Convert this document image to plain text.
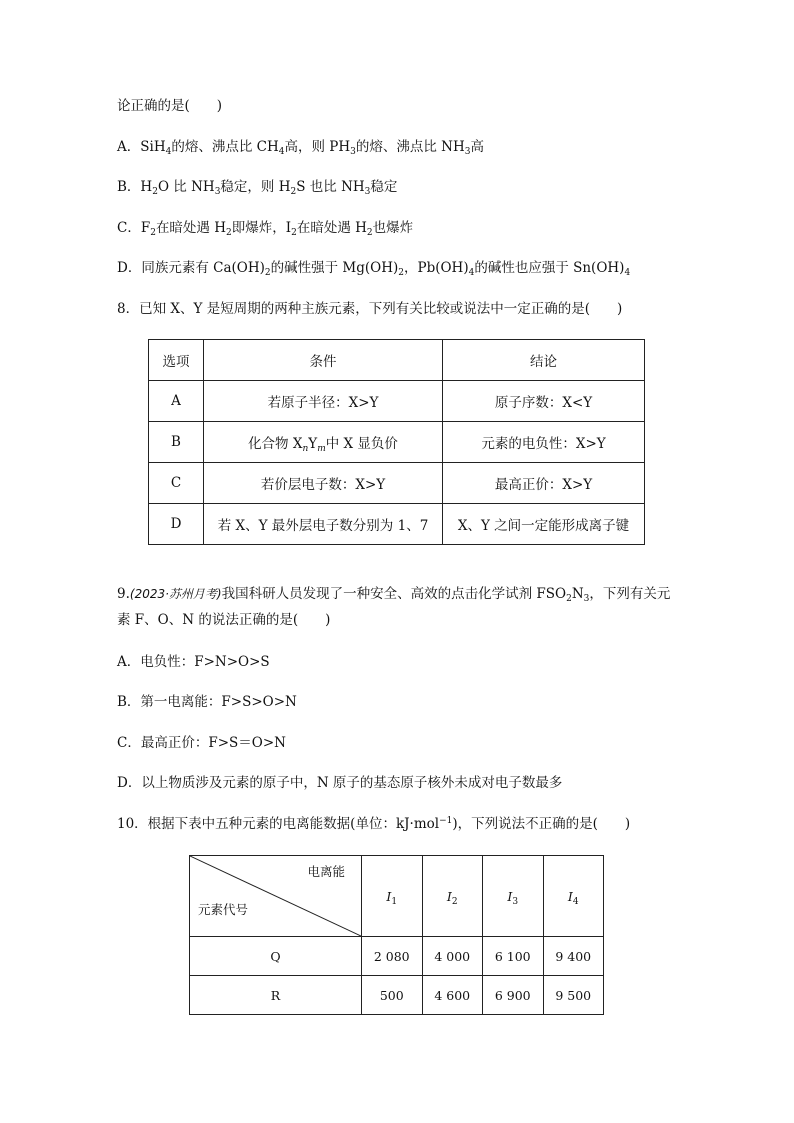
论正确的是(　　)
A．SiH$_4$的熔、沸点比 $CH_4$高，则 $PH_3$的熔、沸点比 $NH_3$高
B．$H_2O$ 比 $NH_3$稳定，则 $H_2S$ 也比 $NH_3$稳定
C．$F_2$在暗处遇 $H_2$即爆炸，$I_2$在暗处遇 $H_2$也爆炸
D．同族元素有 $Ca(OH)_2$的碱性强于 $Mg(OH)_2$，$Pb(OH)_4$的碱性也应强于 $Sn(OH)_4$
8．已知 X、Y 是短周期的两种主族元素，下列有关比较或说法中一定正确的是(　　)
选项	条件	结论
A	若原子半径：X>Y	原子序数：X<Y
B	化合物 $X_nY_m$中 X 显负价	元素的电负性：X>Y
C	若价层电子数：X>Y	最高正价：X>Y
D	若 X、Y 最外层电子数分别为 1、7	X、Y 之间一定能形成离子键
9.(2023·苏州月考)我国科研人员发现了一种安全、高效的点击化学试剂 $FSO_2N_3$，下列有关元
素 F、O、N 的说法正确的是(　　)
A．电负性：F>N>O>S
B．第一电离能：F>S>O>N
C．最高正价：F>S＝O>N
D．以上物质涉及元素的原子中，N 原子的基态原子核外未成对电子数最多
10．根据下表中五种元素的电离能数据(单位：kJ·mol$^{-1}$)，下列说法不正确的是(　　)
电离能
元素代号	$I_1$	$I_2$	$I_3$	$I_4$
Q	2 080	4 000	6 100	9 400
R	500	4 600	6 900	9 500
